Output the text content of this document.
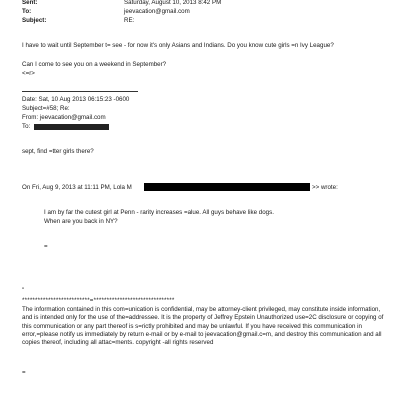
Sent:	Saturday, August 10, 2013 8:42 PM
To:	jeevacation@gmail.com
Subject:	RE:
I have to wait until September t= see - for now it's only Asians and Indians. Do you know cute girls =n Ivy League?
Can I come to see you on a weekend in September?
<=r>
Date: Sat, 10 Aug 2013 06:15:23 -0600
Subject=#58; Re:
From: jeevacation@gmail.com
To:
sept, find =tter girls there?
On Fri, Aug 9, 2013 at 11:11 PM, Lola M	>> wrote:
I am by far the cutest girl at Penn - rarity increases =alue. All guys behave like dogs.
When are you back in NY?
=
"
**************************=*******************************
The information contained in this com=unication is confidential, may be attorney-client privileged, may constitute inside information, and is intended only for the use of the=addressee. It is the property of Jeffrey Epstein Unauthorized use=2C disclosure or copying of this communication or any part thereof is s=rictly prohibited and may be unlawful. If you have received this communication in error,=please notify us immediately by return e-mail or by e-mail to jeevacation@gmail.c=m, and destroy this communication and all copies thereof, including all attac=ments. copyright -all rights reserved
=
